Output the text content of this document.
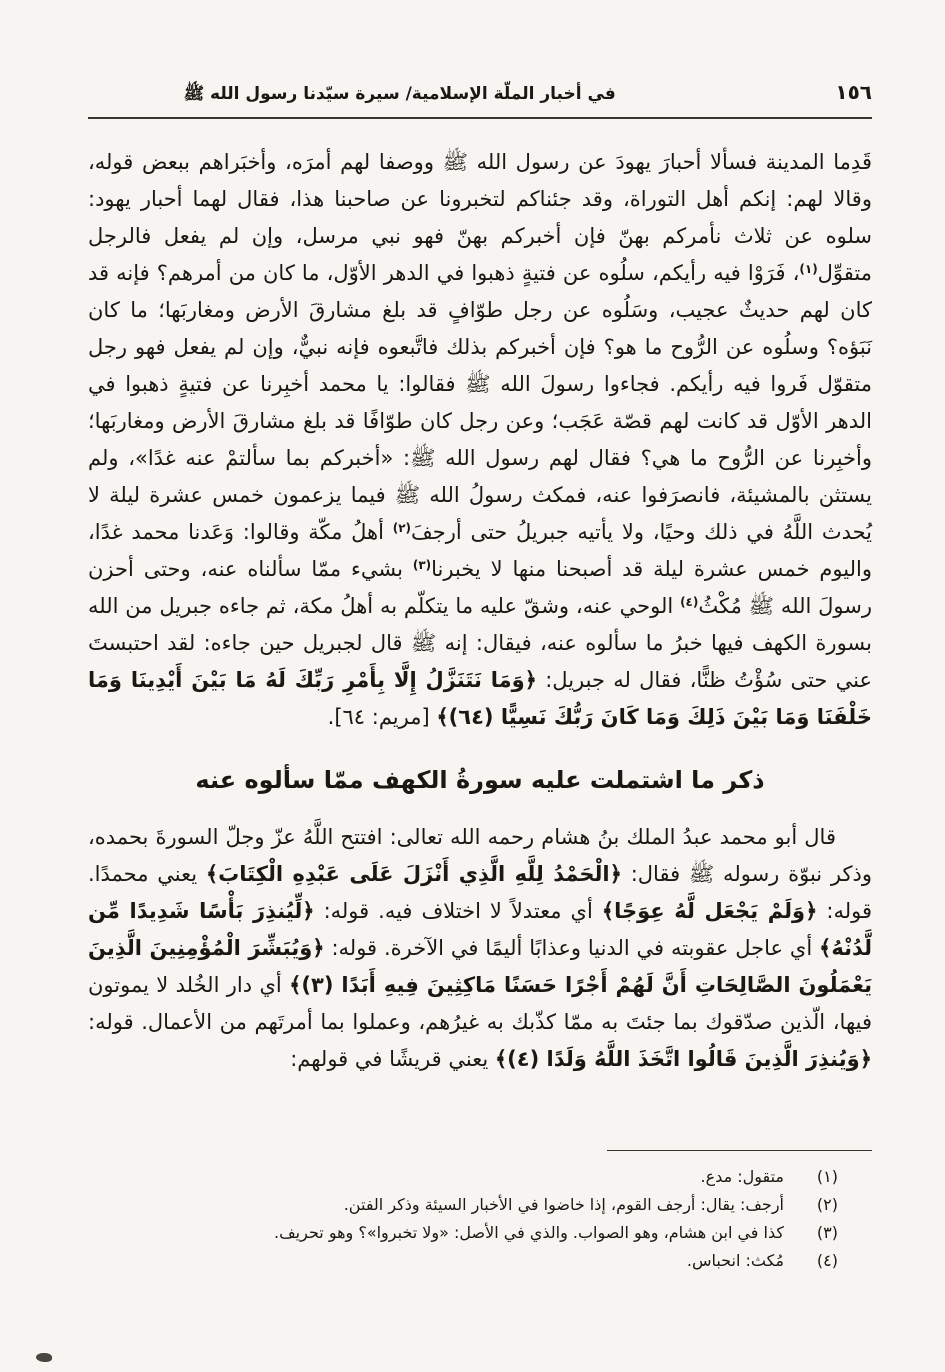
١٥٦
في أخبار الملّة الإسلامية/ سيرة سيّدنا رسول الله ﷺ

قَدِما المدينة فسألا أحبارَ يهودَ عن رسول الله ﷺ ووصفا لهم أمرَه، وأخبَراهم ببعض قوله، وقالا لهم: إنكم أهل التوراة، وقد جئناكم لتخبرونا عن صاحبنا هذا، فقال لهما أحبار يهود: سلوه عن ثلاث نأمركم بهنّ فإن أخبركم بهنّ فهو نبي مرسل، وإن لم يفعل فالرجل متقوِّل$^{(١)}$، فَرَوْا فيه رأيكم، سلُوه عن فتيةٍ ذهبوا في الدهر الأوّل، ما كان من أمرهم؟ فإنه قد كان لهم حديثٌ عجيب، وسَلُوه عن رجل طوّافٍ قد بلغ مشارقَ الأرض ومغاربَها؛ ما كان نَبَؤه؟ وسلُوه عن الرُّوح ما هو؟ فإن أخبركم بذلك فاتَّبعوه فإنه نبيٌّ، وإن لم يفعل فهو رجل متقوّل فَروا فيه رأيكم. فجاءوا رسولَ الله ﷺ فقالوا: يا محمد أخبِرنا عن فتيةٍ ذهبوا في الدهر الأوّل قد كانت لهم قصّة عَجَب؛ وعن رجل كان طوّافًا قد بلغ مشارقَ الأرض ومغاربَها؛ وأخبِرنا عن الرُّوح ما هي؟ فقال لهم رسول الله ﷺ: «أخبركم بما سألتمْ عنه غدًا»، ولم يستثن بالمشيئة، فانصرَفوا عنه، فمكث رسولُ الله ﷺ فيما يزعمون خمس عشرة ليلة لا يُحدث اللَّهُ في ذلك وحيًا، ولا يأتيه جبريلُ حتى أرجفَ$^{(٢)}$ أهلُ مكّة وقالوا: وَعَدنا محمد غدًا، واليوم خمس عشرة ليلة قد أصبحنا منها لا يخبرنا$^{(٣)}$ بشيء ممّا سألناه عنه، وحتى أحزن رسولَ الله ﷺ مُكْثُ$^{(٤)}$ الوحي عنه، وشقّ عليه ما يتكلّم به أهلُ مكة، ثم جاءه جبريل من الله بسورة الكهف فيها خبرُ ما سألوه عنه، فيقال: إنه ﷺ قال لجبريل حين جاءه: لقد احتبستَ عني حتى سُؤْتُ ظنًّا، فقال له جبريل: ﴿وَمَا نَتَنَزَّلُ إِلَّا بِأَمْرِ رَبِّكَ لَهُ مَا بَيْنَ أَيْدِينَا وَمَا خَلْفَنَا وَمَا بَيْنَ ذَلِكَ وَمَا كَانَ رَبُّكَ نَسِيًّا (٦٤)﴾ [مريم: ٦٤].

ذكر ما اشتملت عليه سورةُ الكهف ممّا سألوه عنه

قال أبو محمد عبدُ الملك بنُ هشام رحمه الله تعالى: افتتح اللَّهُ عزّ وجلّ السورةَ بحمده، وذكر نبوّة رسوله ﷺ فقال: ﴿الْحَمْدُ لِلَّهِ الَّذِي أَنْزَلَ عَلَى عَبْدِهِ الْكِتَابَ﴾ يعني محمدًا. قوله: ﴿وَلَمْ يَجْعَل لَّهُ عِوَجًا﴾ أي معتدلاً لا اختلاف فيه. قوله: ﴿لِّيُنذِرَ بَأْسًا شَدِيدًا مِّن لَّدُنْهُ﴾ أي عاجل عقوبته في الدنيا وعذابًا أليمًا في الآخرة. قوله: ﴿وَيُبَشِّرَ الْمُؤْمِنِينَ الَّذِينَ يَعْمَلُونَ الصَّالِحَاتِ أَنَّ لَهُمْ أَجْرًا حَسَنًا مَاكِثِينَ فِيهِ أَبَدًا (٣)﴾ أي دار الخُلد لا يموتون فيها، الّذين صدّقوك بما جئتَ به ممّا كذّبك به غيرُهم، وعملوا بما أمرتَهم من الأعمال. قوله: ﴿وَيُنذِرَ الَّذِينَ قَالُوا اتَّخَذَ اللَّهُ وَلَدًا (٤)﴾ يعني قريشًا في قولهم:

(١)
متقول: مدع.
(٢)
أرجف: يقال: أرجف القوم، إذا خاضوا في الأخبار السيئة وذكر الفتن.
(٣)
كذا في ابن هشام، وهو الصواب. والذي في الأصل: «ولا تخبروا»؟ وهو تحريف.
(٤)
مُكث: انحباس.
